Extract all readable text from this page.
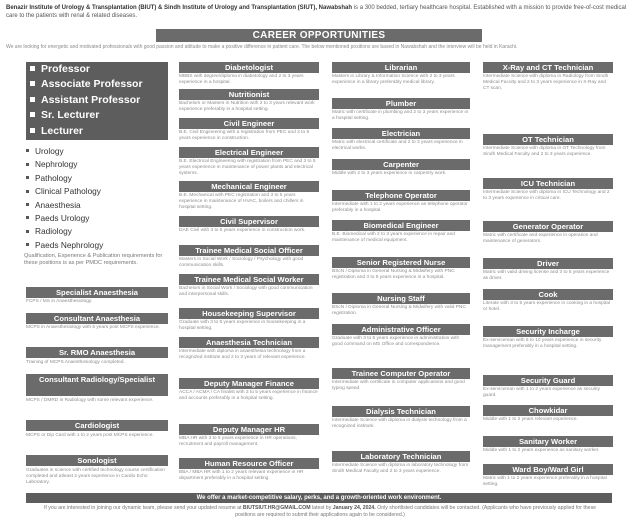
Benazir Institute of Urology & Transplantation (BIUT) & Sindh Institute of Urology and Transplantation (SIUT), Nawabshah is a 300 bedded, tertiary healthcare hospital. Established with a mission to provide free-of-cost medical care to the patients with renal & related diseases.
CAREER OPPORTUNITIES
We are looking for energetic and motivated professionals with good passion and attitude to make a positive difference in patient care. The below mentioned positions are based in Nawabshah and the interview will be held in Karachi.
Professor
Associate Professor
Assistant Professor
Sr. Lecturer
Lecturer
Urology
Nephrology
Pathology
Clinical Pathology
Anaesthesia
Paeds Urology
Radiology
Paeds Nephrology
Qualification, Experience & Publication requirements for these positions is as per PMDC requirements.
Specialist Anaesthesia
FCPS / MS in Anaesthesiology.
Consultant Anaesthesia
MCPS in Anaesthesiology with 5 years post MCPS experience.
Sr. RMO Anaesthesia
Training of MCPS Anaesthesiology completed.
Consultant Radiology/Specialist
MCPS / DMRD in Radiology with some relevant experience.
Cardiologist
MCPS or Dip Card with 1 to 2 years post MCPS experience.
Sonologist
Graduates in science with certified technology course certification completed and atleast 2 years experience in Cardio Echo Laboratory.
Diabetologist
MBBS with degree/diploma in diabetology and 2 to 3 years experience in a hospital.
Nutritionist
Bachelors or Masters in Nutrition with 2 to 3 years relevant work experience preferably in a hospital setting.
Civil Engineer
B.E. Civil Engineering with a registration from PEC and 3 to 5 years experience in construction.
Electrical Engineer
B.E. Electrical Engineering with registration from PEC and 3 to 5 years experience in maintenance of power plants and electrical systems.
Mechanical Engineer
B.E. Mechanical with PEC registration and 3 to 5 years experience in maintenance of HVAC, boilers and chillers in hospital setting.
Civil Supervisor
DAE Civil with 3 to 5 years experience in construction work.
Trainee Medical Social Officer
Masters in Social Work / Sociology / Psychology with good communication skills.
Trainee Medical Social Worker
Bachelors in Social Work / Sociology with good communication and interpersonal skills.
Housekeeping Supervisor
Graduate with 3 to 5 years experience in housekeeping in a hospital setting.
Anaesthesia Technician
Intermediate with diploma in anaesthesia technology from a recognized institute and 2 to 3 years of relevant experience.
Deputy Manager Finance
ACCA / ACMA / CA finalist with 3 to 5 years experience in finance and accounts preferably in a hospital setting.
Deputy Manager HR
MBA HR with 3 to 5 years experience in HR operations, recruitment and payroll management.
Human Resource Officer
BBA / MBA HR with 1 to 2 years relevant experience in HR department preferably in a hospital setting.
Librarian
Masters in Library & Information Science with 2 to 3 years experience in a library preferably medical library.
Plumber
Matric with certificate in plumbing and 2 to 3 years experience in a hospital setting.
Electrician
Matric with electrical certificate and 2 to 3 years experience in electrical works.
Carpenter
Middle with 2 to 3 years experience in carpentry work.
Telephone Operator
Intermediate with 1 to 2 years experience as telephone operator preferably in a hospital.
Biomedical Engineer
B.E. Biomedical with 2 to 3 years experience in repair and maintenance of medical equipment.
Senior Registered Nurse
BScN / Diploma in General Nursing & Midwifery with PNC registration and 3 to 5 years experience in a hospital.
Nursing Staff
BScN / Diploma in General Nursing & Midwifery with valid PNC registration.
Administrative Officer
Graduate with 3 to 5 years experience in administration with good command on MS Office and correspondence.
Trainee Computer Operator
Intermediate with certificate in computer applications and good typing speed.
Dialysis Technician
Intermediate Science with diploma in dialysis technology from a recognized institute.
Laboratory Technician
Intermediate Science with diploma in laboratory technology from Sindh Medical Faculty and 2 to 3 years experience.
X-Ray and CT Technician
Intermediate Science with diploma in Radiology from Sindh Medical Faculty and 2 to 3 years experience in X-Ray and CT scan.
OT Technician
Intermediate Science with diploma in OT Technology from Sindh Medical Faculty and 2 to 3 years experience.
ICU Technician
Intermediate Science with diploma in ICU Technology and 2 to 3 years experience in critical care.
Generator Operator
Matric with certificate and experience in operation and maintenance of generators.
Driver
Matric with valid driving license and 3 to 5 years experience as driver.
Cook
Literate with 3 to 5 years experience in cooking in a hospital or hotel.
Security Incharge
Ex-serviceman with 5 to 10 years experience in security management preferably in a hospital setting.
Security Guard
Ex-serviceman with 1 to 2 years experience as security guard.
Chowkidar
Middle with 1 to 2 years relevant experience.
Sanitary Worker
Middle with 1 to 2 years experience as sanitary worker.
Ward Boy/Ward Girl
Matric with 1 to 2 years experience preferably in a hospital setting.
We offer a market-competitive salary, perks, and a growth-oriented work environment.
If you are interested in joining our dynamic team, please send your updated resume at BIUTSIUT.HR@GMAIL.COM latest by January 24, 2024. Only shortlisted candidates will be contacted. (Applicants who have previously applied for these positions are required to submit their applications again to be considered.)
